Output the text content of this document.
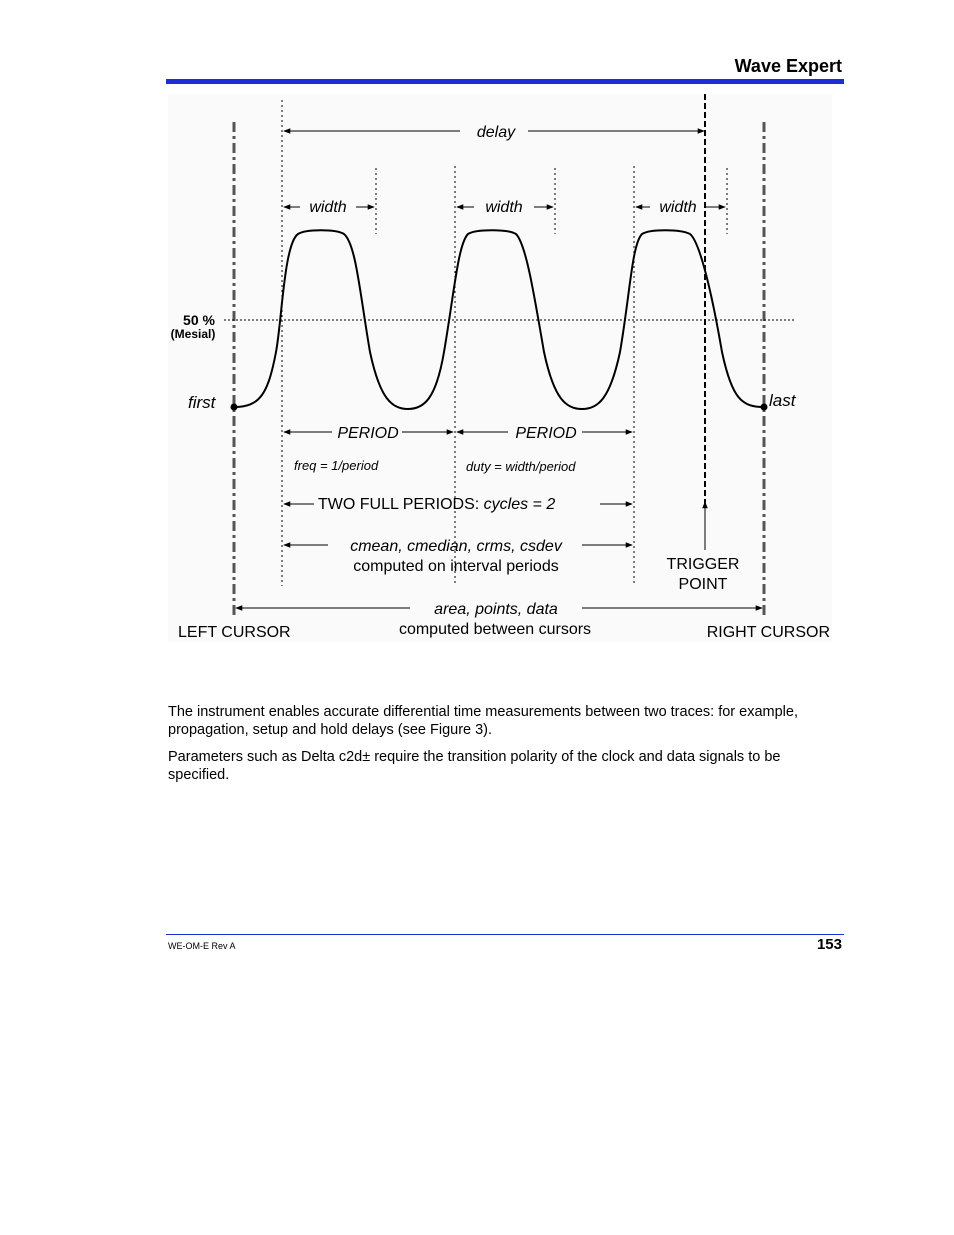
Wave Expert
delay
width	width	width
50 %
(Mesial)
first	last
PERIOD	PERIOD
freq = 1/period	duty = width/period
TWO FULL PERIODS: cycles = 2
cmean, cmedian, crms, csdev
computed on interval periods	TRIGGER
POINT
area, points, data
computed between cursors
LEFT CURSOR	RIGHT CURSOR

The instrument enables accurate differential time measurements between two traces: for example, propagation, setup and hold delays (see Figure 3).

Parameters such as Delta c2d± require the transition polarity of the clock and data signals to be specified.

WE-OM-E Rev A	153
